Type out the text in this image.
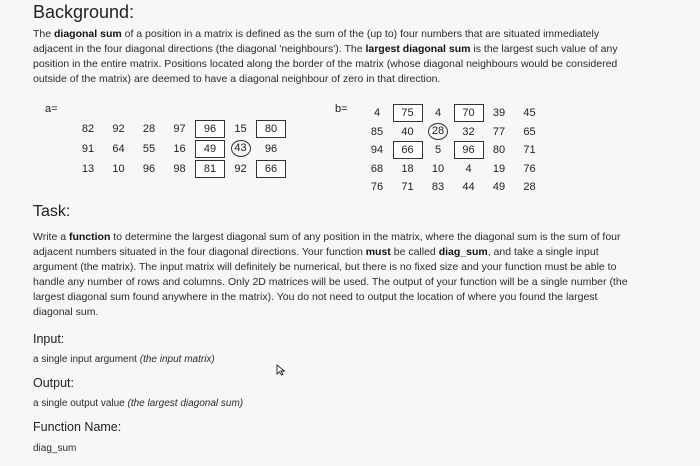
Background:
The diagonal sum of a position in a matrix is defined as the sum of the (up to) four numbers that are situated immediately
adjacent in the four diagonal directions (the diagonal 'neighbours'). The largest diagonal sum is the largest such value of any
position in the entire matrix. Positions located along the border of the matrix (whose diagonal neighbours would be considered
outside of the matrix) are deemed to have a diagonal neighbour of zero in that direction.
a=
82	92	28	97	96	15	80
91	64	55	16	49	43	96
13	10	96	98	81	92	66
b=	4	75	4	70	39	45
85	40	28	32	77	65
94	66	5	96	80	71
68	18	10	4	19	76
76	71	83	44	49	28
Task:
Write a function to determine the largest diagonal sum of any position in the matrix, where the diagonal sum is the sum of four
adjacent numbers situated in the four diagonal directions. Your function must be called diag_sum, and take a single input
argument (the matrix). The input matrix will definitely be numerical, but there is no fixed size and your function must be able to
handle any number of rows and columns. Only 2D matrices will be used. The output of your function will be a single number (the
largest diagonal sum found anywhere in the matrix). You do not need to output the location of where you found the largest
diagonal sum.
Input:
a single input argument (the input matrix)
Output:
a single output value (the largest diagonal sum)
Function Name:
diag_sum
